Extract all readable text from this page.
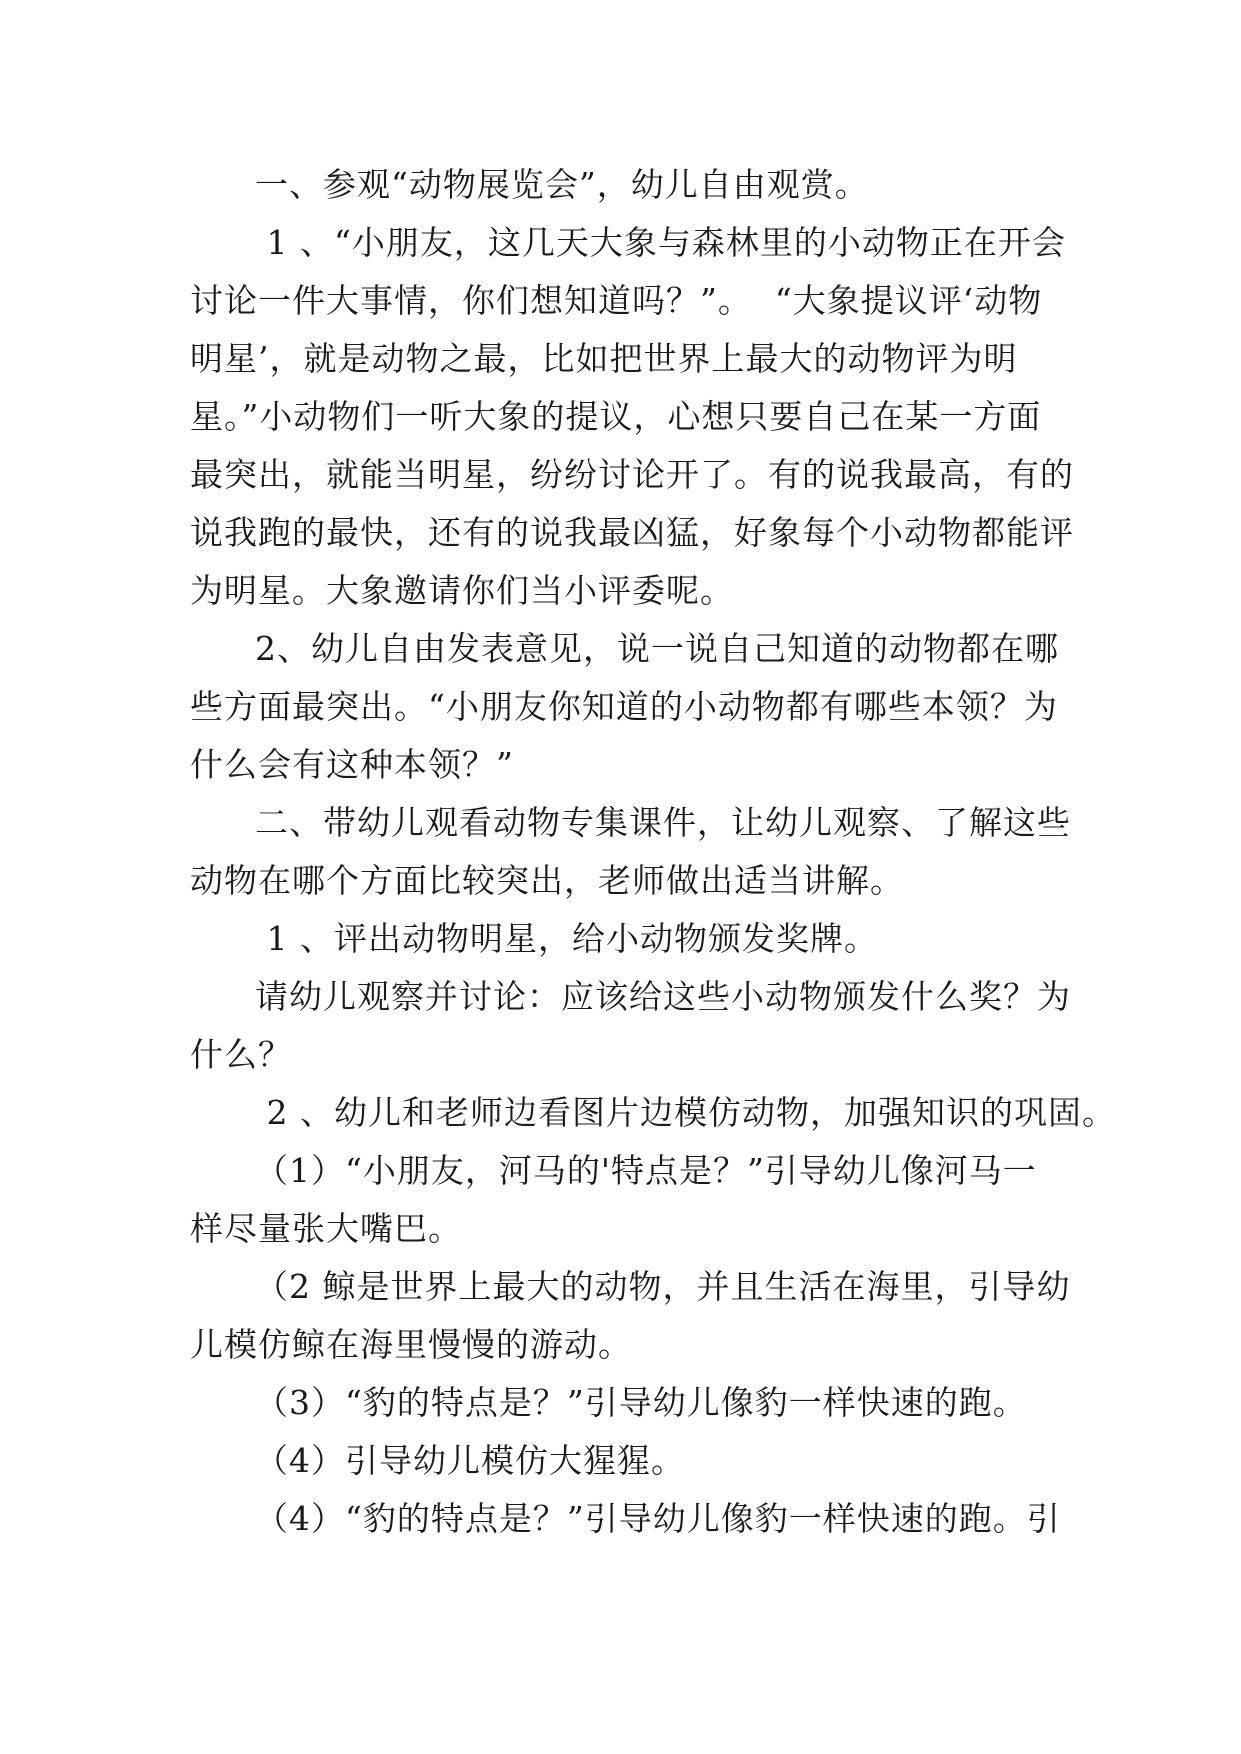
一、参观“动物展览会”，幼儿自由观赏。
1 、“小朋友，这几天大象与森林里的小动物正在开会
讨论一件大事情，你们想知道吗？”。  “大象提议评‘动物
明星’，就是动物之最，比如把世界上最大的动物评为明
星。”小动物们一听大象的提议，心想只要自己在某一方面
最突出，就能当明星，纷纷讨论开了。有的说我最高，有的
说我跑的最快，还有的说我最凶猛，好象每个小动物都能评
为明星。大象邀请你们当小评委呢。
2、幼儿自由发表意见，说一说自己知道的动物都在哪
些方面最突出。“小朋友你知道的小动物都有哪些本领？为
什么会有这种本领？”
二、带幼儿观看动物专集课件，让幼儿观察、了解这些
动物在哪个方面比较突出，老师做出适当讲解。
1 、评出动物明星，给小动物颁发奖牌。
请幼儿观察并讨论：应该给这些小动物颁发什么奖？为
什么？
2 、幼儿和老师边看图片边模仿动物，加强知识的巩固。
（1）“小朋友，河马的'特点是？”引导幼儿像河马一
样尽量张大嘴巴。
（2 鲸是世界上最大的动物，并且生活在海里，引导幼
儿模仿鲸在海里慢慢的游动。
（3）“豹的特点是？”引导幼儿像豹一样快速的跑。
（4）引导幼儿模仿大猩猩。
（4）“豹的特点是？”引导幼儿像豹一样快速的跑。引
